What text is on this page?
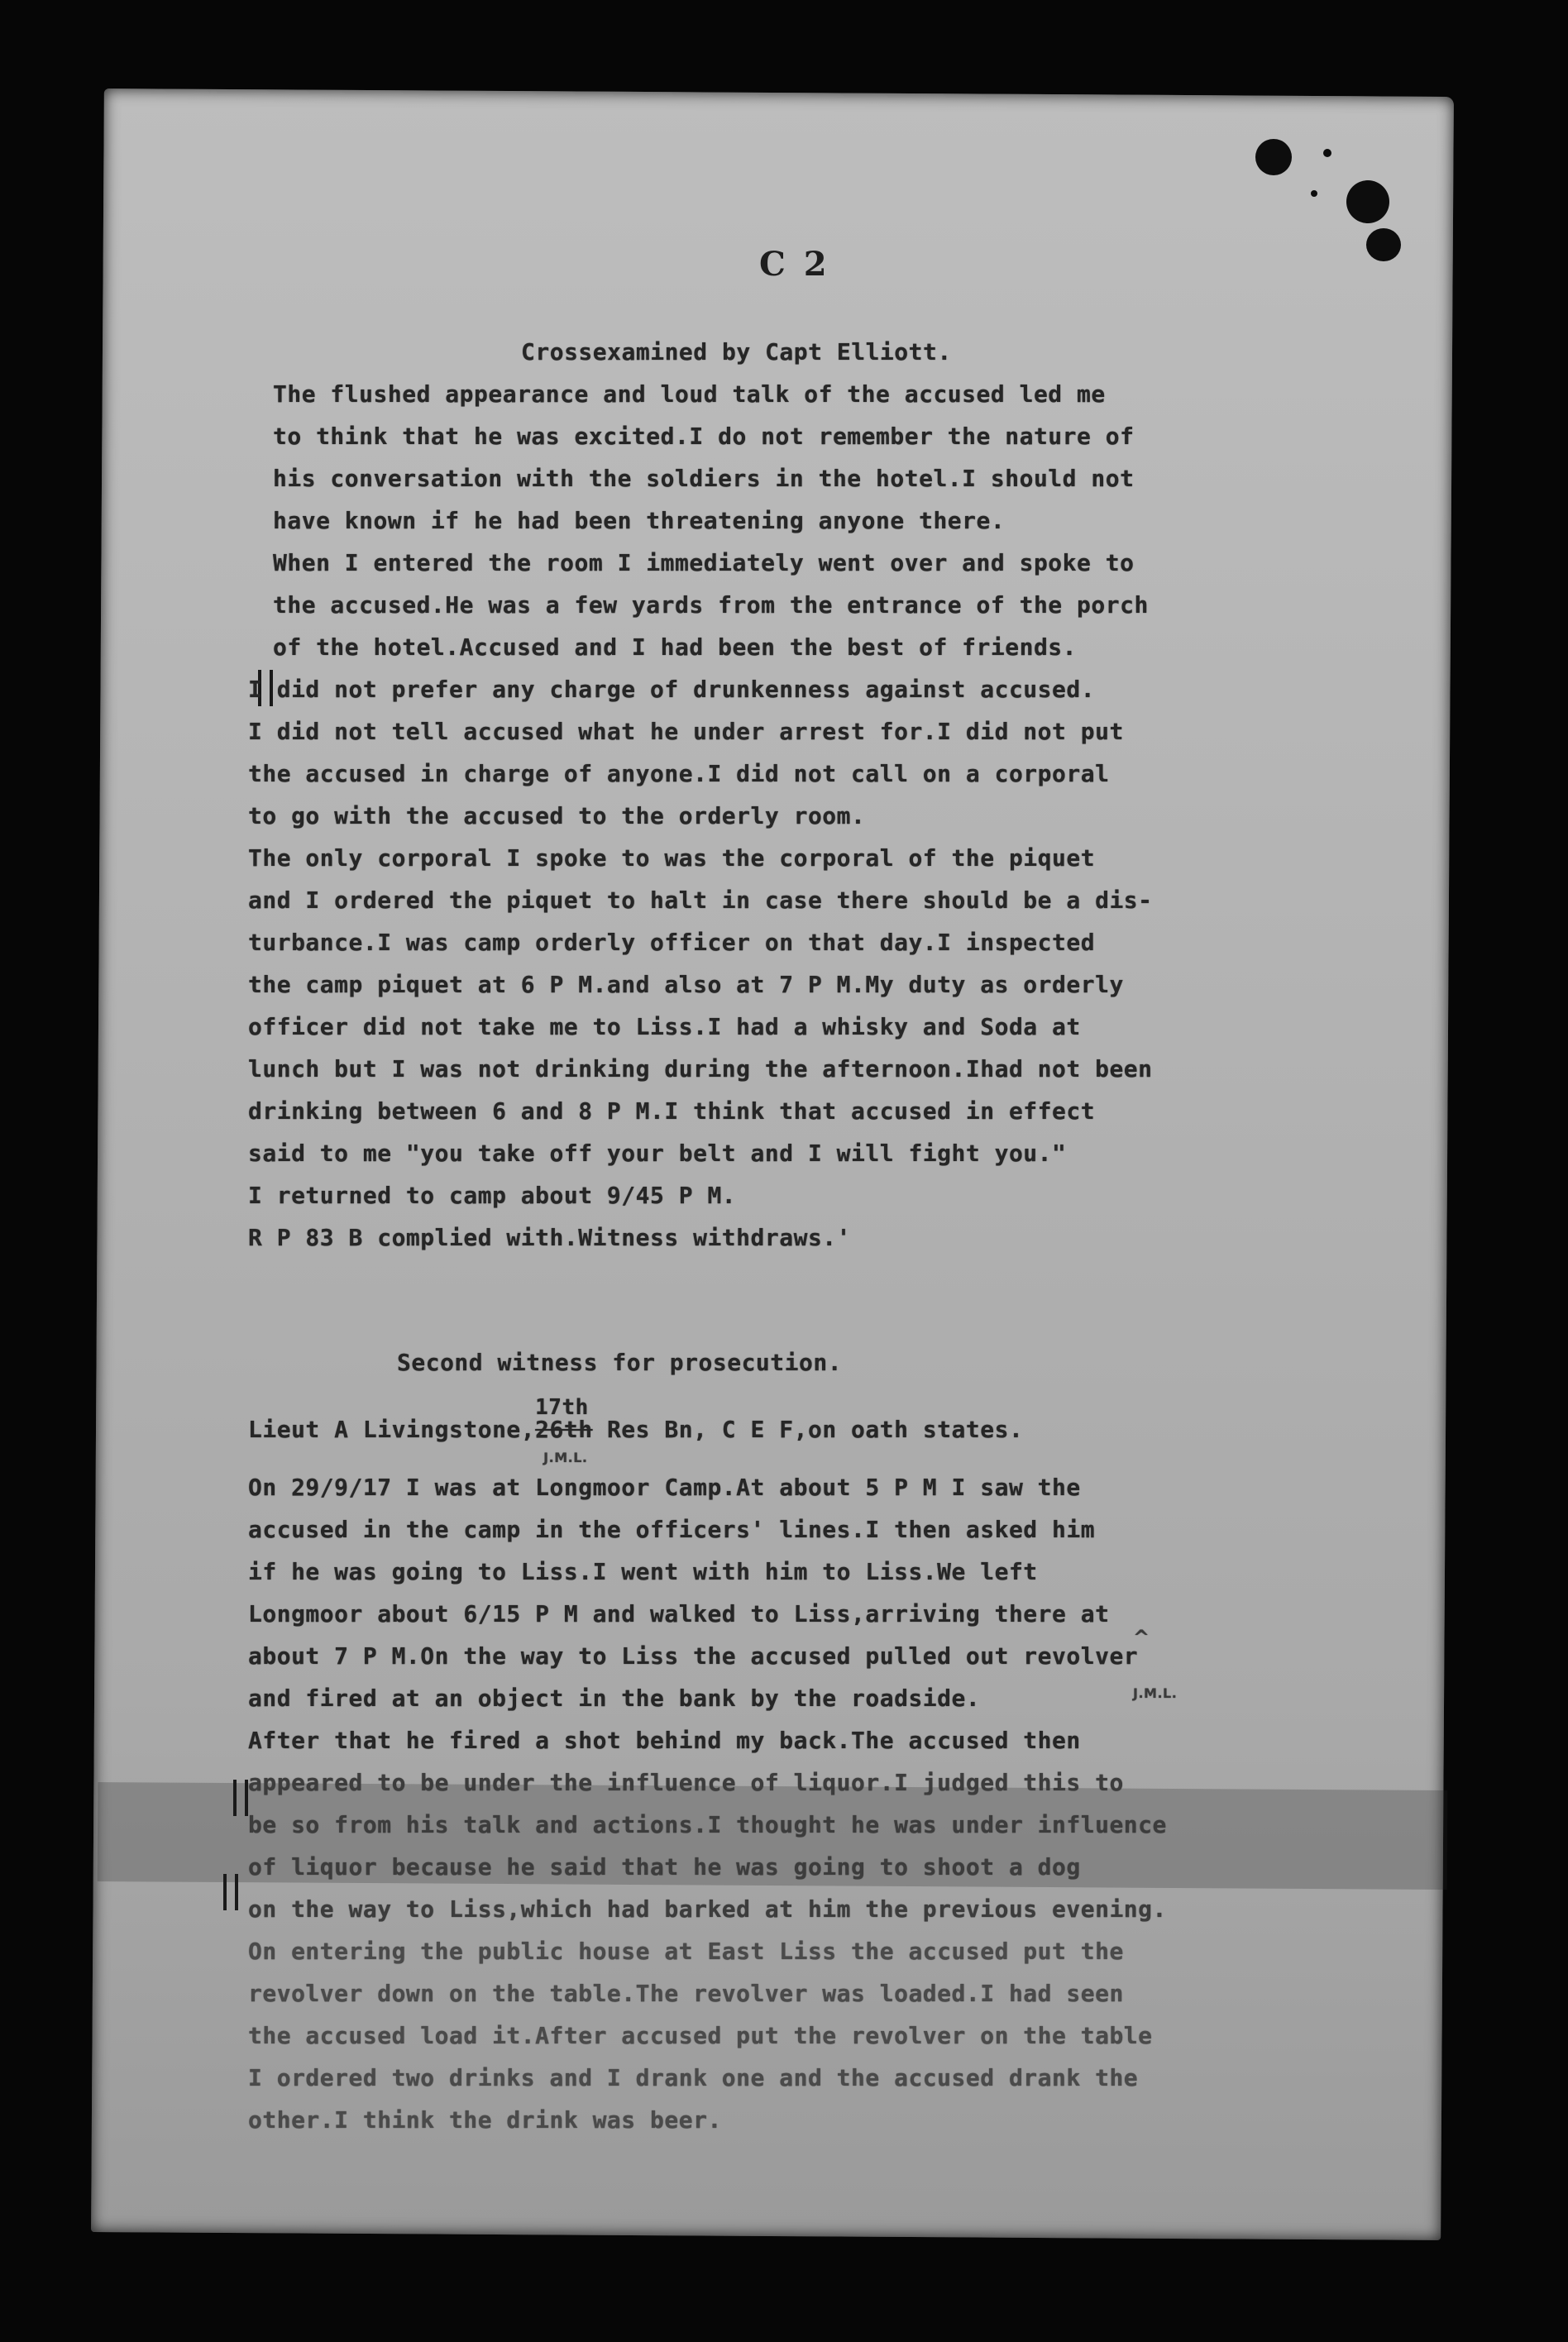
C 2
Crossexamined by Capt Elliott.
The flushed appearance and loud talk of the accused led me
to think that he was excited.I do not remember the nature of
his conversation with the soldiers in the hotel.I should not
have known if he had been threatening anyone there.
When I entered the room I immediately went over and spoke to
the accused.He was a few yards from the entrance of the porch
of the hotel.Accused and I had been the best of friends.
I did not prefer any charge of drunkenness against accused.
I did not tell accused what he under arrest for.I did not put
the accused in charge of anyone.I did not call on a corporal
to go with the accused to the orderly room.
The only corporal I spoke to was the corporal of the piquet
and I ordered the piquet to halt in case there should be a dis-
turbance.I was camp orderly officer on that day.I inspected
the camp piquet at 6 P M.and also at 7 P M.My duty as orderly
officer did not take me to Liss.I had a whisky and Soda at
lunch but I was not drinking during the afternoon.Ihad not been
drinking between 6 and 8 P M.I think that accused in effect
said to me "you take off your belt and I will fight you."
I returned to camp about 9/45 P M.
R P 83 B complied with.Witness withdraws.'
Second witness for prosecution.
Lieut A Livingstone,
17th
26th
J.M.L.
Res Bn, C E F,on oath states.
On 29/9/17 I was at Longmoor Camp.At about 5 P M I saw the
accused in the camp in the officers' lines.I then asked him
if he was going to Liss.I went with him to Liss.We left
Longmoor about 6/15 P M and walked to Liss,arriving there at
about 7 P M.On the way to Liss the accused pulled out revolver
^
and fired at an object in the bank by the roadside.	J.M.L.
After that he fired a shot behind my back.The accused then
appeared to be under the influence of liquor.I judged this to
be so from his talk and actions.I thought he was under influence
of liquor because he said that he was going to shoot a dog
on the way to Liss,which had barked at him the previous evening.
On entering the public house at East Liss the accused put the
revolver down on the table.The revolver was loaded.I had seen
the accused load it.After accused put the revolver on the table
I ordered two drinks and I drank one and the accused drank the
other.I think the drink was beer.
